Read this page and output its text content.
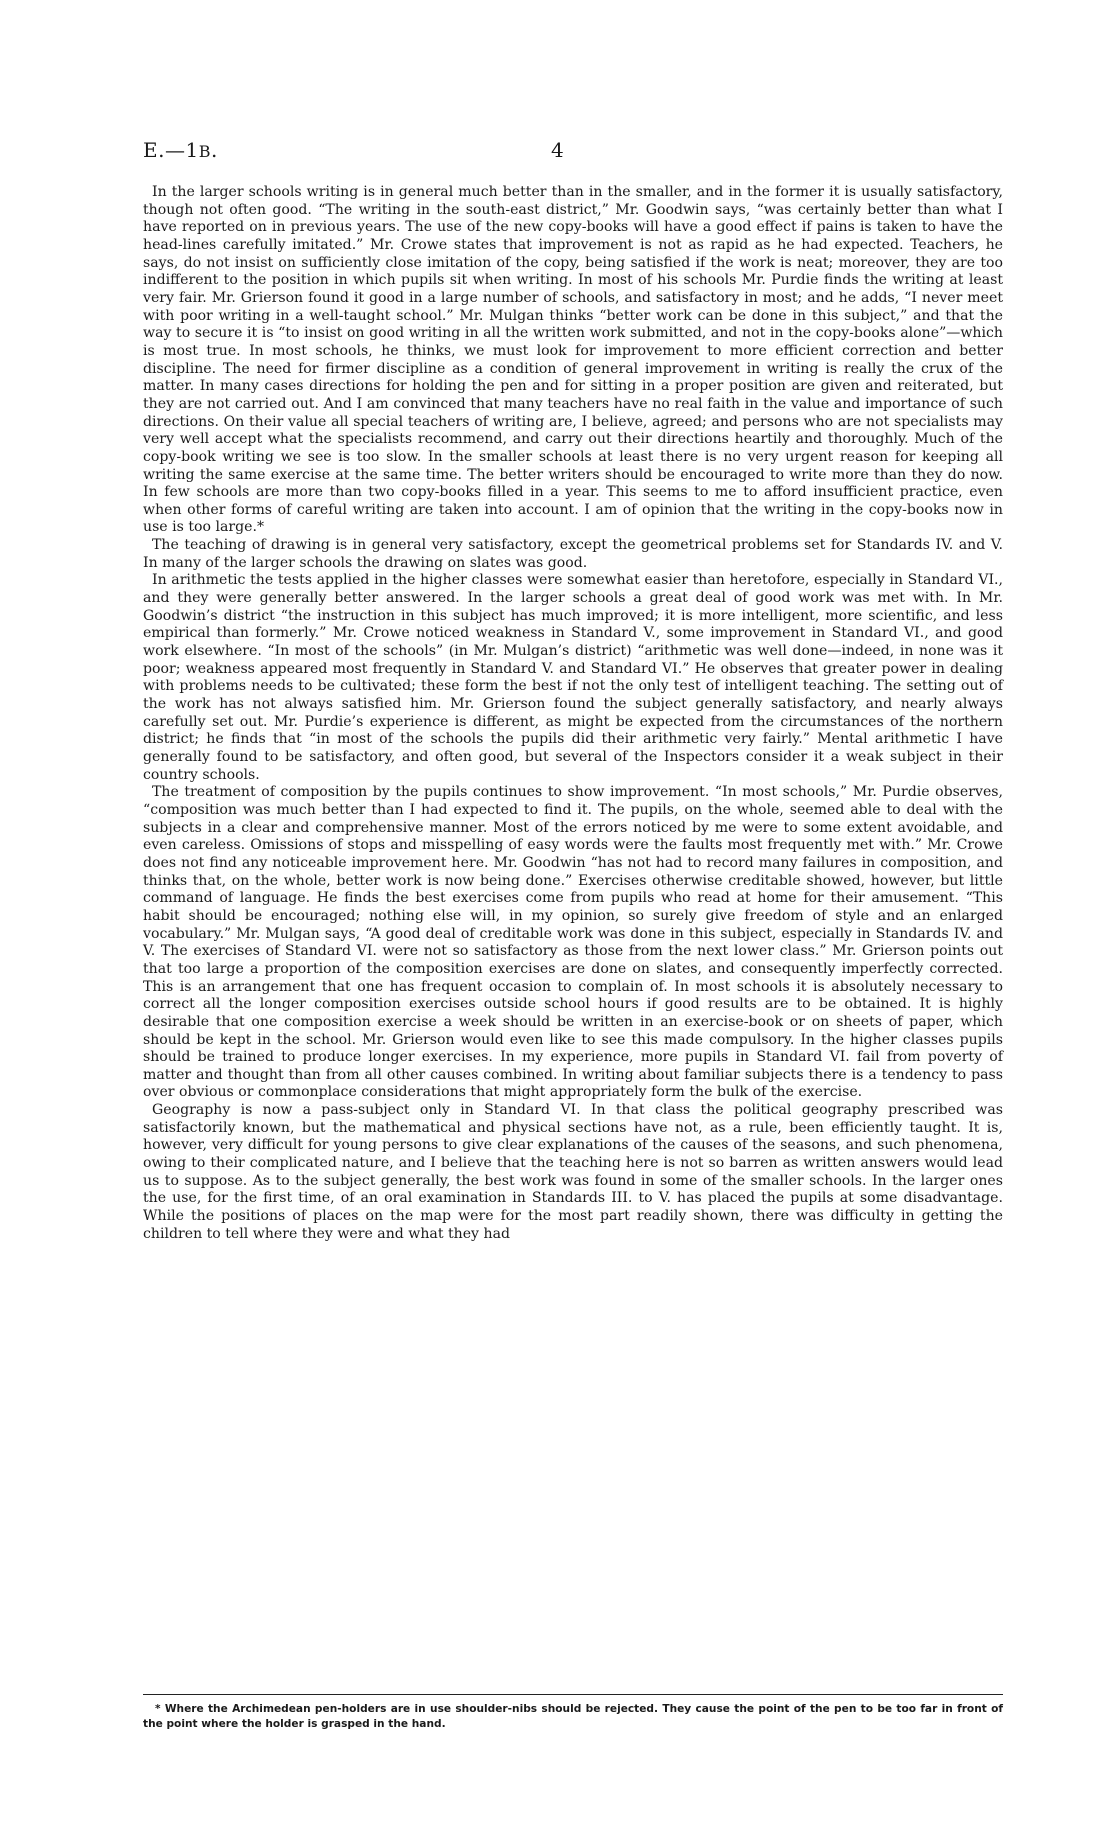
E.—1B.	4

In the larger schools writing is in general much better than in the smaller, and in the former it is usually satisfactory, though not often good. “The writing in the south-east district,” Mr. Goodwin says, “was certainly better than what I have reported on in previous years. The use of the new copy-books will have a good effect if pains is taken to have the head-lines carefully imitated.” Mr. Crowe states that improvement is not as rapid as he had expected. Teachers, he says, do not insist on sufficiently close imitation of the copy, being satisfied if the work is neat; moreover, they are too indifferent to the position in which pupils sit when writing. In most of his schools Mr. Purdie finds the writing at least very fair. Mr. Grierson found it good in a large number of schools, and satisfactory in most; and he adds, “I never meet with poor writing in a well-taught school.” Mr. Mulgan thinks “better work can be done in this subject,” and that the way to secure it is “to insist on good writing in all the written work submitted, and not in the copy-books alone”—which is most true. In most schools, he thinks, we must look for improvement to more efficient correction and better discipline. The need for firmer discipline as a condition of general improvement in writing is really the crux of the matter. In many cases directions for holding the pen and for sitting in a proper position are given and reiterated, but they are not carried out. And I am convinced that many teachers have no real faith in the value and importance of such directions. On their value all special teachers of writing are, I believe, agreed; and persons who are not specialists may very well accept what the specialists recommend, and carry out their directions heartily and thoroughly. Much of the copy-book writing we see is too slow. In the smaller schools at least there is no very urgent reason for keeping all writing the same exercise at the same time. The better writers should be encouraged to write more than they do now. In few schools are more than two copy-books filled in a year. This seems to me to afford insufficient practice, even when other forms of careful writing are taken into account. I am of opinion that the writing in the copy-books now in use is too large.*

The teaching of drawing is in general very satisfactory, except the geometrical problems set for Standards IV. and V. In many of the larger schools the drawing on slates was good.

In arithmetic the tests applied in the higher classes were somewhat easier than heretofore, especially in Standard VI., and they were generally better answered. In the larger schools a great deal of good work was met with. In Mr. Goodwin’s district “the instruction in this subject has much improved; it is more intelligent, more scientific, and less empirical than formerly.” Mr. Crowe noticed weakness in Standard V., some improvement in Standard VI., and good work elsewhere. “In most of the schools” (in Mr. Mulgan’s district) “arithmetic was well done—indeed, in none was it poor; weakness appeared most frequently in Standard V. and Standard VI.” He observes that greater power in dealing with problems needs to be cultivated; these form the best if not the only test of intelligent teaching. The setting out of the work has not always satisfied him. Mr. Grierson found the subject generally satisfactory, and nearly always carefully set out. Mr. Purdie’s experience is different, as might be expected from the circumstances of the northern district; he finds that “in most of the schools the pupils did their arithmetic very fairly.” Mental arithmetic I have generally found to be satisfactory, and often good, but several of the Inspectors consider it a weak subject in their country schools.

The treatment of composition by the pupils continues to show improvement. “In most schools,” Mr. Purdie observes, “composition was much better than I had expected to find it. The pupils, on the whole, seemed able to deal with the subjects in a clear and comprehensive manner. Most of the errors noticed by me were to some extent avoidable, and even careless. Omissions of stops and misspelling of easy words were the faults most frequently met with.” Mr. Crowe does not find any noticeable improvement here. Mr. Goodwin “has not had to record many failures in composition, and thinks that, on the whole, better work is now being done.” Exercises otherwise creditable showed, however, but little command of language. He finds the best exercises come from pupils who read at home for their amusement. “This habit should be encouraged; nothing else will, in my opinion, so surely give freedom of style and an enlarged vocabulary.” Mr. Mulgan says, “A good deal of creditable work was done in this subject, especially in Standards IV. and V. The exercises of Standard VI. were not so satisfactory as those from the next lower class.” Mr. Grierson points out that too large a proportion of the composition exercises are done on slates, and consequently imperfectly corrected. This is an arrangement that one has frequent occasion to complain of. In most schools it is absolutely necessary to correct all the longer composition exercises outside school hours if good results are to be obtained. It is highly desirable that one composition exercise a week should be written in an exercise-book or on sheets of paper, which should be kept in the school. Mr. Grierson would even like to see this made compulsory. In the higher classes pupils should be trained to produce longer exercises. In my experience, more pupils in Standard VI. fail from poverty of matter and thought than from all other causes combined. In writing about familiar subjects there is a tendency to pass over obvious or commonplace considerations that might appropriately form the bulk of the exercise.

Geography is now a pass-subject only in Standard VI. In that class the political geography prescribed was satisfactorily known, but the mathematical and physical sections have not, as a rule, been efficiently taught. It is, however, very difficult for young persons to give clear explanations of the causes of the seasons, and such phenomena, owing to their complicated nature, and I believe that the teaching here is not so barren as written answers would lead us to suppose. As to the subject generally, the best work was found in some of the smaller schools. In the larger ones the use, for the first time, of an oral examination in Standards III. to V. has placed the pupils at some disadvantage. While the positions of places on the map were for the most part readily shown, there was difficulty in getting the children to tell where they were and what they had

* Where the Archimedean pen-holders are in use shoulder-nibs should be rejected. They cause the point of the pen to be too far in front of the point where the holder is grasped in the hand.
